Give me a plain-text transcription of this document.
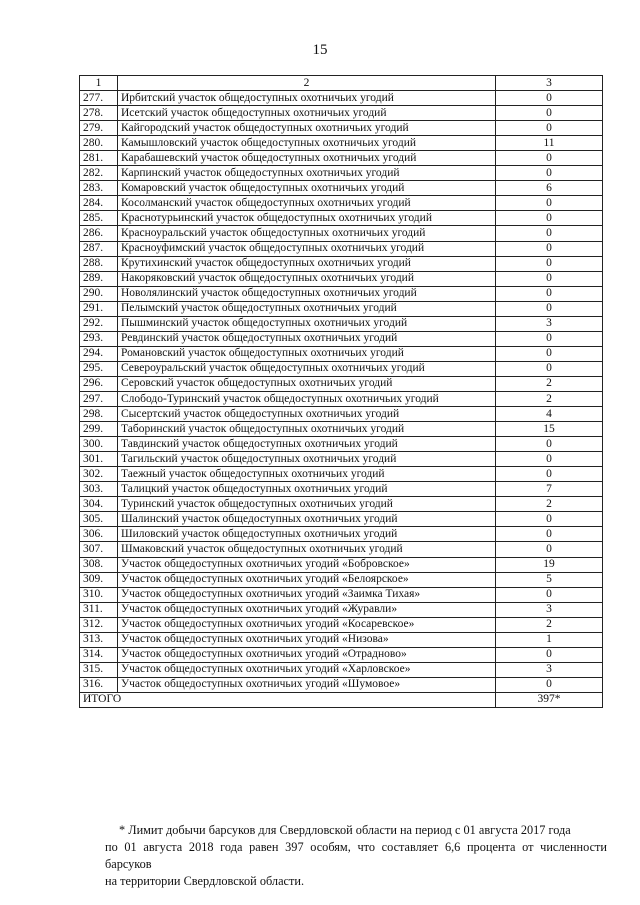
15
1	2	3
277.	Ирбитский участок общедоступных охотничьих угодий	0
278.	Исетский участок общедоступных охотничьих угодий	0
279.	Кайгородский участок общедоступных охотничьих угодий	0
280.	Камышловский участок общедоступных охотничьих угодий	11
281.	Карабашевский участок общедоступных охотничьих угодий	0
282.	Карпинский участок общедоступных охотничьих угодий	0
283.	Комаровский участок общедоступных охотничьих угодий	6
284.	Косолманский участок общедоступных охотничьих угодий	0
285.	Краснотурьинский участок общедоступных охотничьих угодий	0
286.	Красноуральский участок общедоступных охотничьих угодий	0
287.	Красноуфимский участок общедоступных охотничьих угодий	0
288.	Крутихинский участок общедоступных охотничьих угодий	0
289.	Накоряковский участок общедоступных охотничьих угодий	0
290.	Новолялинский участок общедоступных охотничьих угодий	0
291.	Пелымский участок общедоступных охотничьих угодий	0
292.	Пышминский участок общедоступных охотничьих угодий	3
293.	Ревдинский участок общедоступных охотничьих угодий	0
294.	Романовский участок общедоступных охотничьих угодий	0
295.	Североуральский участок общедоступных охотничьих угодий	0
296.	Серовский участок общедоступных охотничьих угодий	2
297.	Слободо-Туринский участок общедоступных охотничьих угодий	2
298.	Сысертский участок общедоступных охотничьих угодий	4
299.	Таборинский участок общедоступных охотничьих угодий	15
300.	Тавдинский участок общедоступных охотничьих угодий	0
301.	Тагильский участок общедоступных охотничьих угодий	0
302.	Таежный участок общедоступных охотничьих угодий	0
303.	Талицкий участок общедоступных охотничьих угодий	7
304.	Туринский участок общедоступных охотничьих угодий	2
305.	Шалинский участок общедоступных охотничьих угодий	0
306.	Шиловский участок общедоступных охотничьих угодий	0
307.	Шмаковский участок общедоступных охотничьих угодий	0
308.	Участок общедоступных охотничьих угодий «Бобровское»	19
309.	Участок общедоступных охотничьих угодий «Белоярское»	5
310.	Участок общедоступных охотничьих угодий «Заимка Тихая»	0
311.	Участок общедоступных охотничьих угодий «Журавли»	3
312.	Участок общедоступных охотничьих угодий «Косаревское»	2
313.	Участок общедоступных охотничьих угодий «Низова»	1
314.	Участок общедоступных охотничьих угодий «Отрадново»	0
315.	Участок общедоступных охотничьих угодий «Харловское»	3
316.	Участок общедоступных охотничьих угодий «Шумовое»	0
ИТОГО		397*
* Лимит добычи барсуков для Свердловской области на период с 01 августа 2017 года
по 01 августа 2018 года равен 397 особям, что составляет 6,6 процента от численности барсуков
на территории Свердловской области.
